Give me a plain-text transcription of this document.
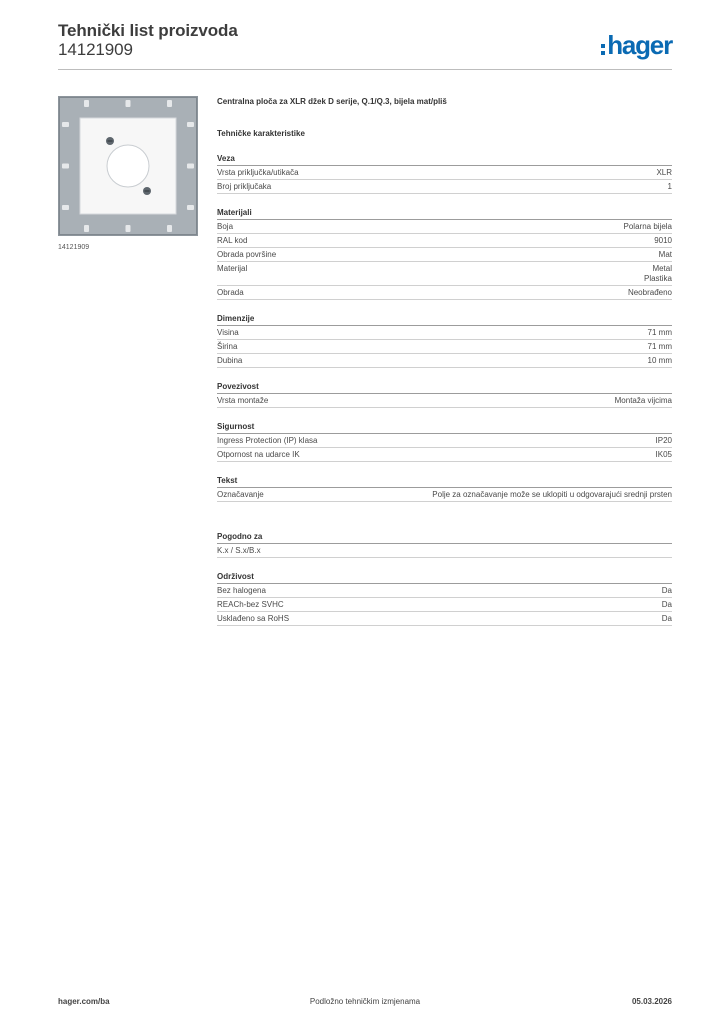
Tehnički list proizvoda
14121909	hager
14121909
Centralna ploča za XLR džek D serije, Q.1/Q.3, bijela mat/pliš
Tehničke karakteristike
Veza
Vrsta priključka/utikača	XLR
Broj priključaka	1
Materijali
Boja	Polarna bijela
RAL kod	9010
Obrada površine	Mat
Materijal	Metal
Plastika
Obrada	Neobrađeno
Dimenzije
Visina	71 mm
Širina	71 mm
Dubina	10 mm
Povezivost
Vrsta montaže	Montaža vijcima
Sigurnost
Ingress Protection (IP) klasa	IP20
Otpornost na udarce IK	IK05
Tekst
Označavanje	Polje za označavanje može se uklopiti u odgovarajući srednji prsten
Pogodno za
K.x / S.x/B.x
Održivost
Bez halogena	Da
REACh-bez SVHC	Da
Usklađeno sa RoHS	Da
hager.com/ba	Podložno tehničkim izmjenama	05.03.2026
